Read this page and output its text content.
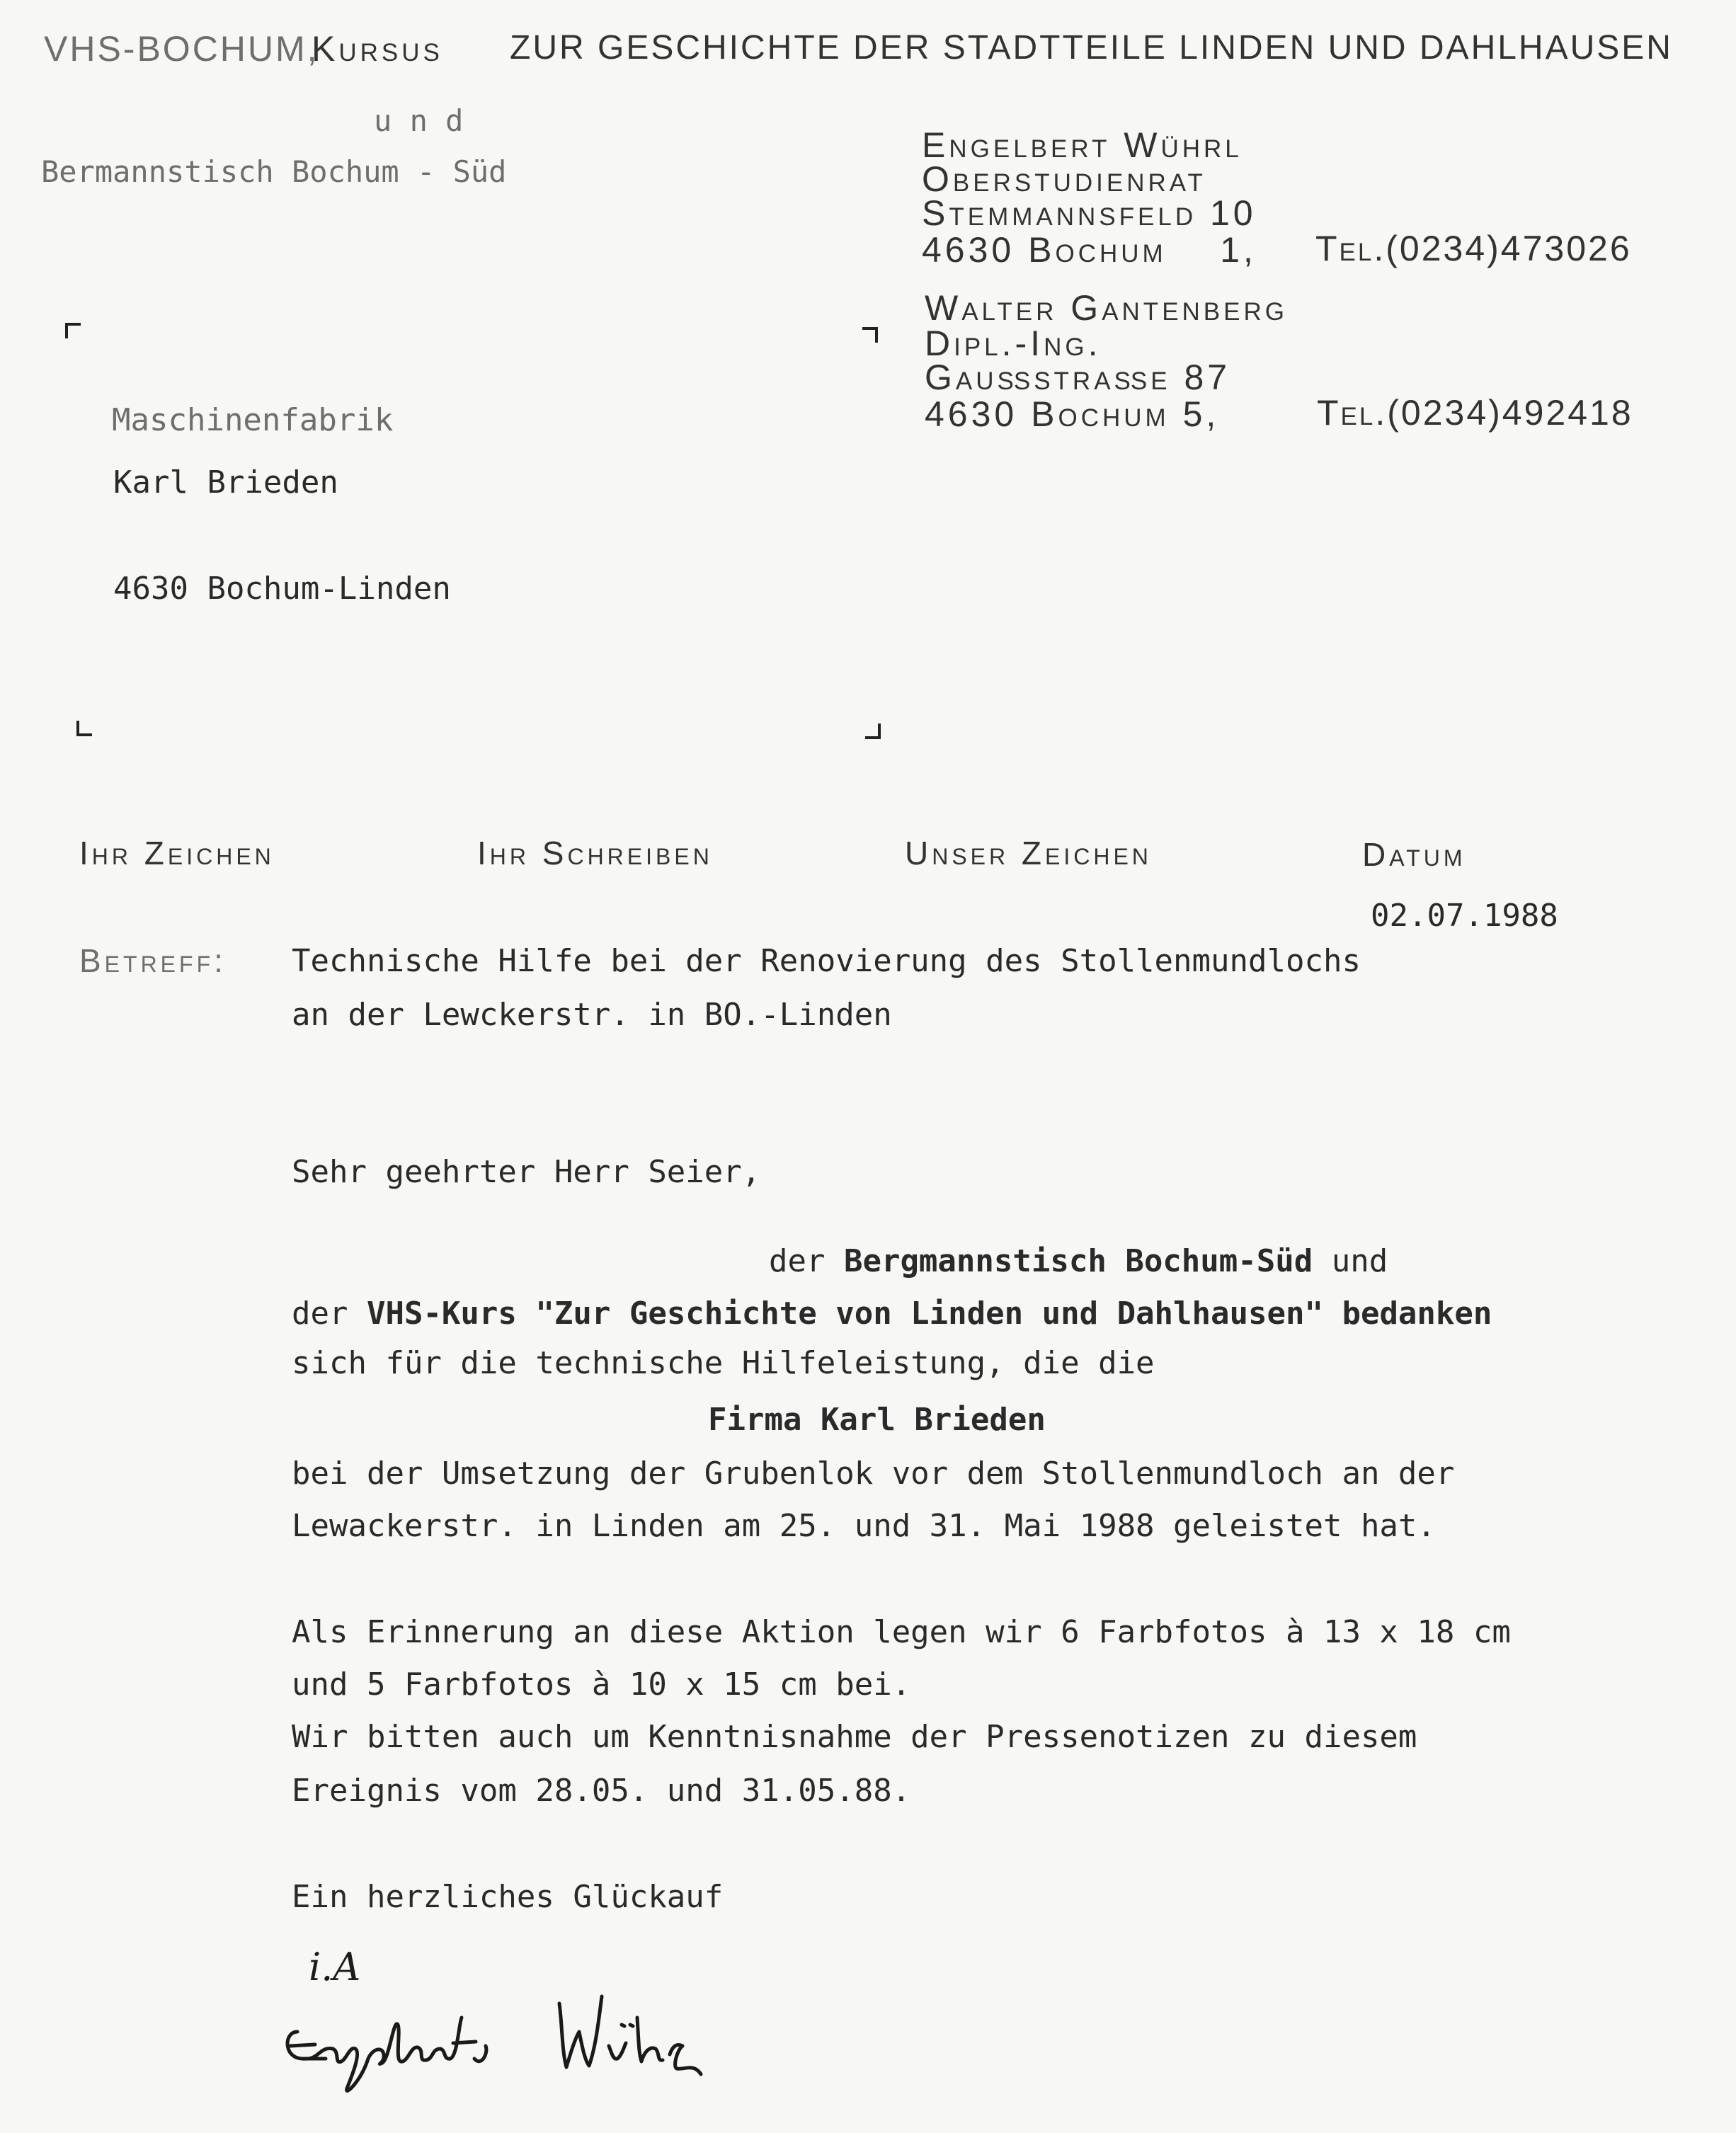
VHS-BOCHUM,
Kursus ZUR GESCHICHTE DER STADTTEILE LINDEN UND DAHLHAUSEN
u n d
Bermannstisch Bochum - Süd
Engelbert Wührl
Oberstudienrat
Stemmannsfeld 10
4630 Bochum    1, Tel.(0234)473026
Walter Gantenberg
Dipl.-Ing.
Gaußstraße 87
4630 Bochum 5,	Tel.(0234)492418
Maschinenfabrik
Karl Brieden
4630 Bochum-Linden
Ihr Zeichen	Ihr Schreiben	Unser Zeichen	Datum
02.07.1988
Betreff: Technische Hilfe bei der Renovierung des Stollenmundlochs
an der Lewckerstr. in BO.-Linden
Sehr geehrter Herr Seier,
der Bergmannstisch Bochum-Süd und
der VHS-Kurs "Zur Geschichte von Linden und Dahlhausen" bedanken
sich für die technische Hilfeleistung, die die
Firma Karl Brieden
bei der Umsetzung der Grubenlok vor dem Stollenmundloch an der
Lewackerstr. in Linden am 25. und 31. Mai 1988 geleistet hat.
Als Erinnerung an diese Aktion legen wir 6 Farbfotos à 13 x 18 cm
und 5 Farbfotos à 10 x 15 cm bei.
Wir bitten auch um Kenntnisnahme der Pressenotizen zu diesem
Ereignis vom 28.05. und 31.05.88.
Ein herzliches Glückauf
i.A
